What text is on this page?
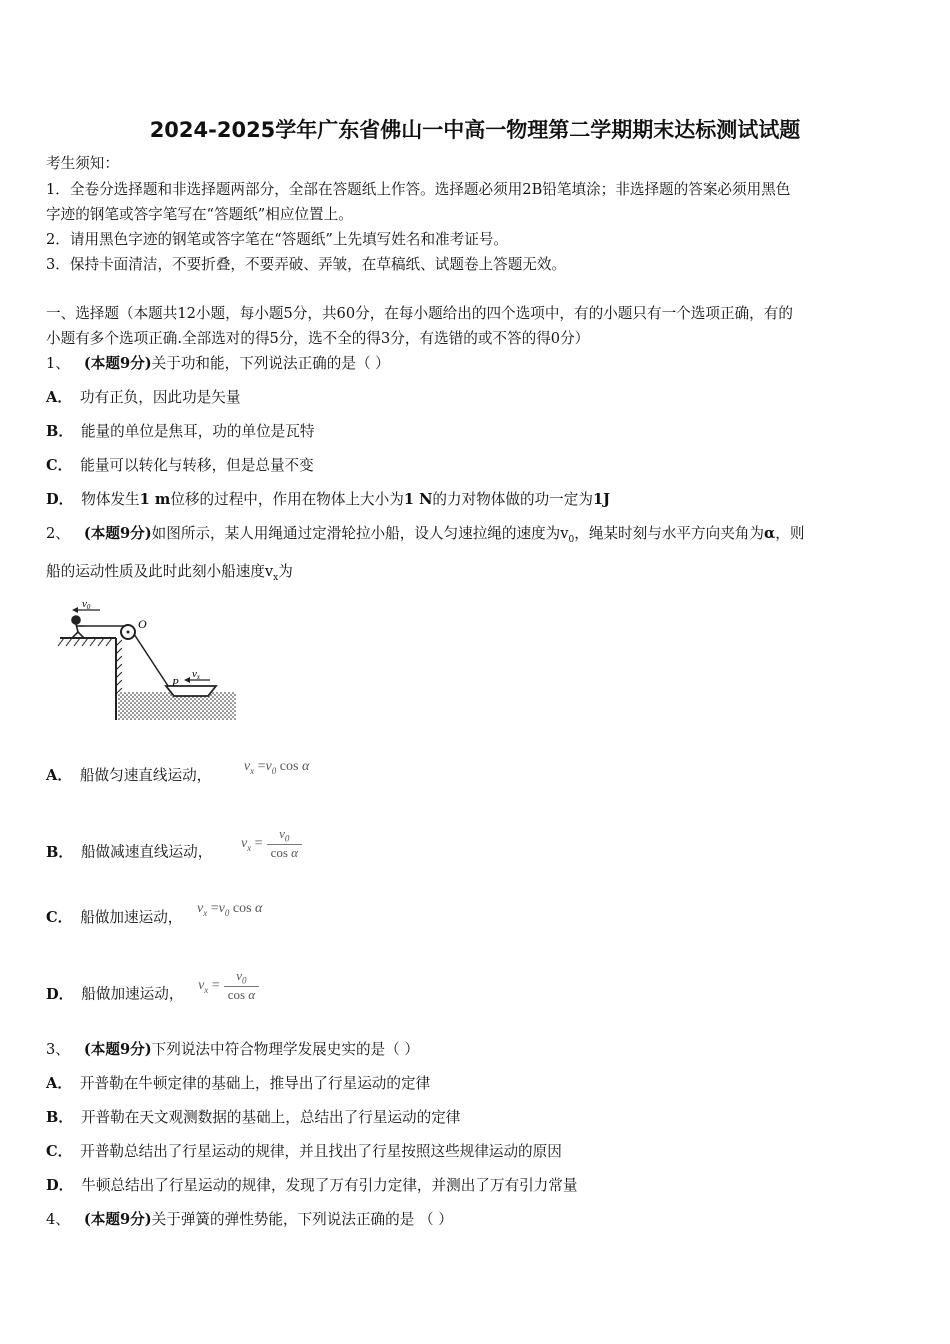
2024-2025学年广东省佛山一中高一物理第二学期期末达标测试试题
考生须知：
1．全卷分选择题和非选择题两部分，全部在答题纸上作答。选择题必须用2B铅笔填涂；非选择题的答案必须用黑色
字迹的钢笔或答字笔写在“答题纸”相应位置上。
2．请用黑色字迹的钢笔或答字笔在“答题纸”上先填写姓名和准考证号。
3．保持卡面清洁，不要折叠，不要弄破、弄皱，在草稿纸、试题卷上答题无效。
一、选择题（本题共12小题，每小题5分，共60分，在每小题给出的四个选项中，有的小题只有一个选项正确，有的
小题有多个选项正确.全部选对的得5分，选不全的得3分，有选错的或不答的得0分）
1、 (本题9分)关于功和能，下列说法正确的是（ ）
A． 功有正负，因此功是矢量
B． 能量的单位是焦耳，功的单位是瓦特
C． 能量可以转化与转移，但是总量不变
D． 物体发生1 m位移的过程中，作用在物体上大小为1 N的力对物体做的功一定为1J
2、 (本题9分)如图所示，某人用绳通过定滑轮拉小船，设人匀速拉绳的速度为$v_0$，绳某时刻与水平方向夹角为α，则
船的运动性质及此时此刻小船速度$v_x$为
v0
O
vx
P
A． 船做匀速直线运动， $v_x =v_0$ cos α
B． 船做减速直线运动， $v_x = \frac{v_0}{\text{cos α}}$
C． 船做加速运动， $v_x =v_0$ cos α
D． 船做加速运动， $v_x = \frac{v_0}{\text{cos α}}$
3、 (本题9分)下列说法中符合物理学发展史实的是（ ）
A． 开普勒在牛顿定律的基础上，推导出了行星运动的定律
B． 开普勒在天文观测数据的基础上，总结出了行星运动的定律
C． 开普勒总结出了行星运动的规律，并且找出了行星按照这些规律运动的原因
D． 牛顿总结出了行星运动的规律，发现了万有引力定律，并测出了万有引力常量
4、 (本题9分)关于弹簧的弹性势能，下列说法正确的是 （ ）
